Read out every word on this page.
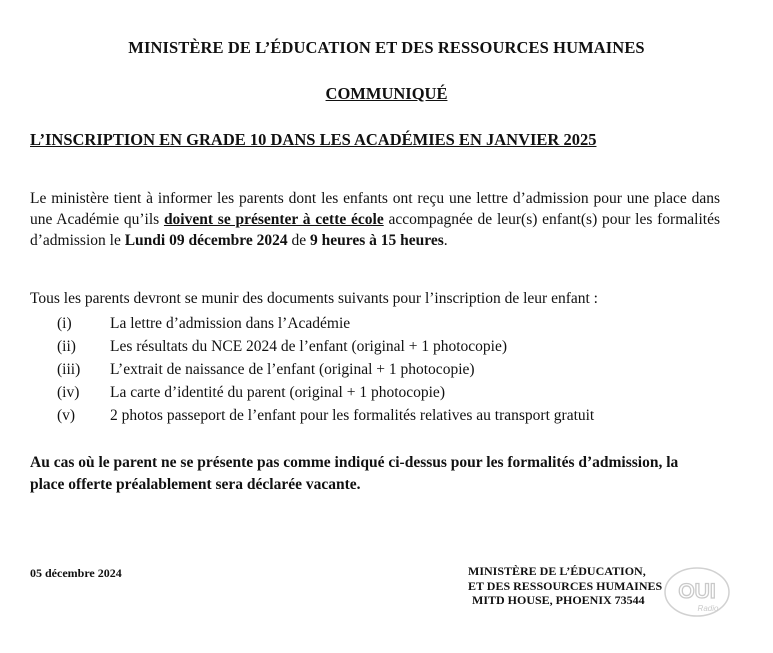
MINISTÈRE DE L’ÉDUCATION ET DES RESSOURCES HUMAINES
COMMUNIQUÉ
L’INSCRIPTION EN GRADE 10 DANS LES ACADÉMIES EN JANVIER 2025
Le ministère tient à informer les parents dont les enfants ont reçu une lettre d’admission pour une place dans une Académie qu’ils doivent se présenter à cette école accompagnée de leur(s) enfant(s) pour les formalités d’admission le Lundi 09 décembre 2024 de 9 heures à 15 heures.
Tous les parents devront se munir des documents suivants pour l’inscription de leur enfant :
(i)	La lettre d’admission dans l’Académie
(ii)	Les résultats du NCE 2024 de l’enfant (original + 1 photocopie)
(iii)	L’extrait de naissance de l’enfant (original + 1 photocopie)
(iv)	La carte d’identité du parent (original + 1 photocopie)
(v)	2 photos passeport de l’enfant pour les formalités relatives au transport gratuit
Au cas où le parent ne se présente pas comme indiqué ci-dessus pour les formalités d’admission, la place offerte préalablement sera déclarée vacante.
05 décembre 2024	MINISTÈRE DE L’ÉDUCATION,
ET DES RESSOURCES HUMAINES
MITD HOUSE, PHOENIX 73544	OUI
Radio
